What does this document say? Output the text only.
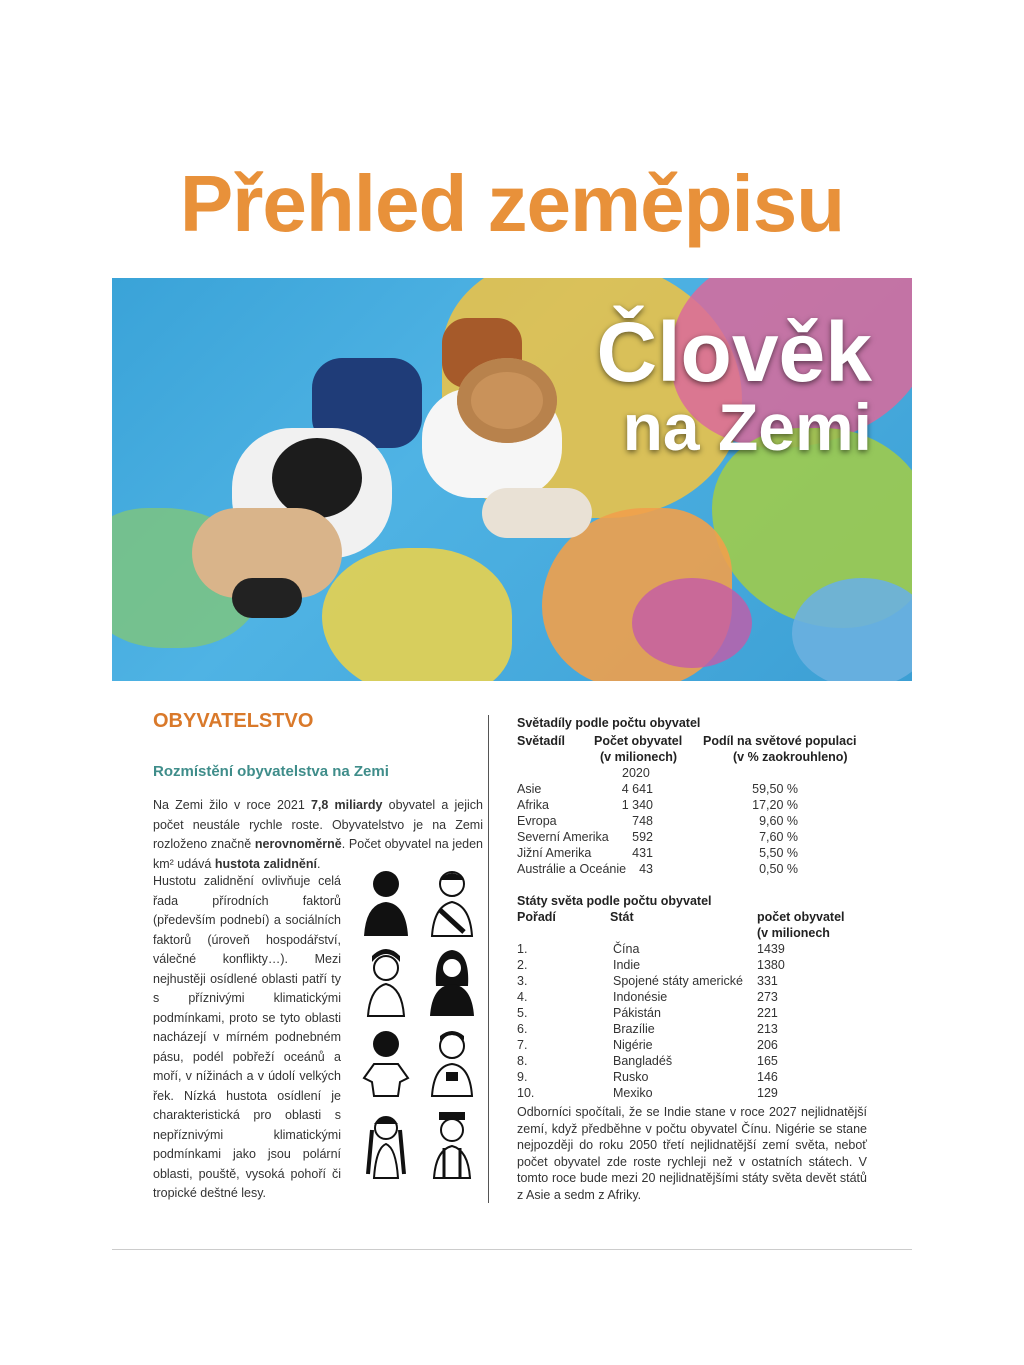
Přehled zeměpisu
Člověk
na Zemi
OBYVATELSTVO
Rozmístění obyvatelstva na Zemi

Na Zemi žilo v roce 2021 7,8 miliardy obyvatel a jejich počet neustále rychle roste. Obyvatelstvo je na Zemi rozloženo značně nerovnoměrně. Počet obyvatel na jeden km² udává hustota zalidnění.

Hustotu zalidnění ovlivňuje celá řada přírodních faktorů (především podnebí) a sociálních faktorů (úroveň hospodářství, válečné konflikty…). Mezi nejhustěji osídlené oblasti patří ty s příznivými klimatickými podmínkami, proto se tyto oblasti nacházejí v mírném podnebném pásu, podél pobřeží oceánů a moří, v nížinách a v údolí velkých řek. Nízká hustota osídlení je charakteristická pro oblasti s nepříznivými klimatickými podmínkami jako jsou polární oblasti, pouště, vysoká pohoří či tropické deštné lesy.

Světadíly podle počtu obyvatel

Světadíl Počet obyvatel
(v milionech)
Podíl na světové populaci
(v % zaokrouhleno)
2020
Asie	4 641	59,50 %
Afrika	1 340	17,20 %
Evropa	748	9,60 %
Severní Amerika	592	7,60 %
Jižní Amerika	431	5,50 %
Austrálie a Oceánie	43	0,50 %

Státy světa podle počtu obyvatel

Pořadí	Stát	počet obyvatel
(v milionech
1.	Čína	1439
2.	Indie	1380
3.	Spojené státy americké 331
4.	Indonésie	273
5.	Pákistán	221
6.	Brazílie	213
7.	Nigérie	206
8.	Bangladéš	165
9.	Rusko	146
10.	Mexiko	129

Odborníci spočítali, že se Indie stane v roce 2027 nejlidnatější zemí, když předběhne v počtu obyvatel Čínu. Nigérie se stane nejpozději do roku 2050 třetí nejlidnatější zemí světa, neboť počet obyvatel zde roste rychleji než v ostatních státech. V tomto roce bude mezi 20 nejlidnatějšími státy světa devět států z Asie a sedm z Afriky.
